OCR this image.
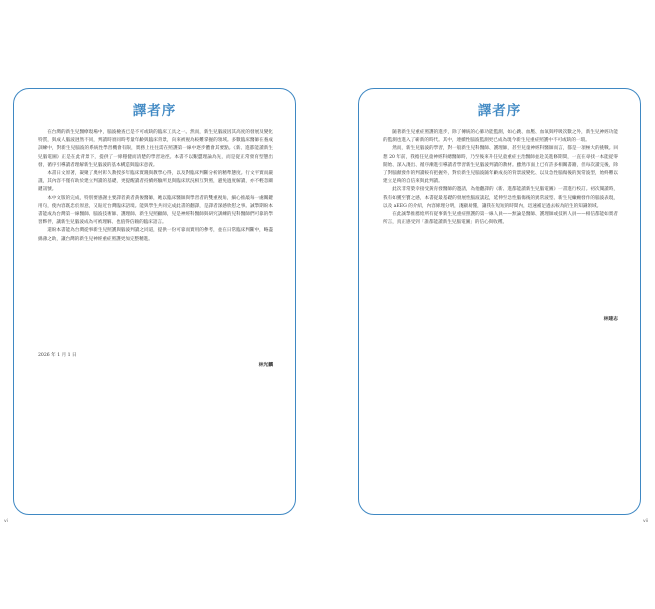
譯者序

在台灣的新生兒醫療現場中，腦波檢查已是不可或缺的臨床工具之一。然而，新生兒腦波因其高度的發展及變化特質，與成人腦波迥然不同，判讀時須同時考量年齡與臨床背景，向來被視為較難掌握的領域。多數臨床醫師在養成訓練中，對新生兒腦波的系統性學習機會有限，實務上往往需在照護第一線中逐步體會其要點。《新、進都能讀新生兒腦電圖》正是在此背景下，提供了一條穩健而清楚的學習途徑。本書不以艱澀理論為先，而是從正常發育型態出發，循序引導讀者理解新生兒腦波的基本構造與臨床意義。

本書日文原著，凝聚了奧村彰久教授多年臨床實踐與教學心得，以及對臨床判斷分析的精準態度。行文平實而嚴謹，其內容不僅有助於建立判讀的基礎，更提醒讀者持續經驗所見與臨床狀況相互對照，避免過度解讀，亦不輕忽關鍵訊號。

本中文版的完成，特別要感謝主要譯者黃者黃俊醫師，她以臨床醫師與學習者的雙重視角，細心推敲每一處關鍵用句，使內容既忠於原意，又貼近台灣臨床語境。能與學生共同完成此書的翻譯，是譯者深感欣慰之事。誠摯期盼本書能成為台灣第一線醫師、腦波技術師、護理師、新生兒照顧師，兒是神經科醫師與研究訓練的兒科醫師們可靠的學習夥伴，讓新生兒腦波成為可被理解、也值得信賴的臨床語言。

還盼本書能為台灣從事新生兒照護與腦波判讀之同道，提供一份可靠而實用的參考，並在日常臨床判斷中，略盡綿薄之助，讓台灣的新生兒神經重症照護更加完整精進。

2026 年 1 月 1 日
林光麟
譯者序

隨著新生兒重症照護的進步，除了傳統的心肺功能監測，如心跳、血壓、血氧與呼吸次數之外，新生兒神經功能的監測也進入了嶄新的時代。其中，連續性腦波監測更已成為現今新生兒重症照護中不可或缺的一環。

然而，新生兒腦波的學習，對一般新生兒科醫師、護理師，甚至兒童神經科醫師而言，都是一項極大的挑戰。回想 20 年前，我擔任兒童神經科總醫師時，乃至後來升任兒童重症主治醫師並赴美進修期間，一直在尋找一本能從零開始、深入淺出、循序漸進引導讀者學習新生兒腦波判讀的教材。雖然市面上已有許多相關書籍，但每次讀完後，除了對腦顛發作的判讀較有把握外，對於新生兒腦波隨年齡成長的背景波變化、以及急性腦傷後的異常波型，始終難以建立足夠的自信來與此判讀。

此次非常榮幸接受黃育發醫師的邀請，為他翻譯的《新、進都能讀新生兒腦電圖》一書進行校訂。初次閱讀時，我有如獲至寶之感，本書從最基礎的發展性腦波談起，延伸至急性腦傷後的異常波型、新生兒癲癇發作的腦波表現，以及 aEEG 的介紹，內容條理分明，淺顯易懂，讓我在短短的時間內，迅速補足過去較為陌生的知識領域。

在此誠摯推薦給所有從事新生兒重症照護的第一線人員——無論是醫師、護理師或技術人員——相信都能如實者所言，真正感受到「誰都能讀新生兒腦電圖」的信心與收穫。

林建志
vi	vii
